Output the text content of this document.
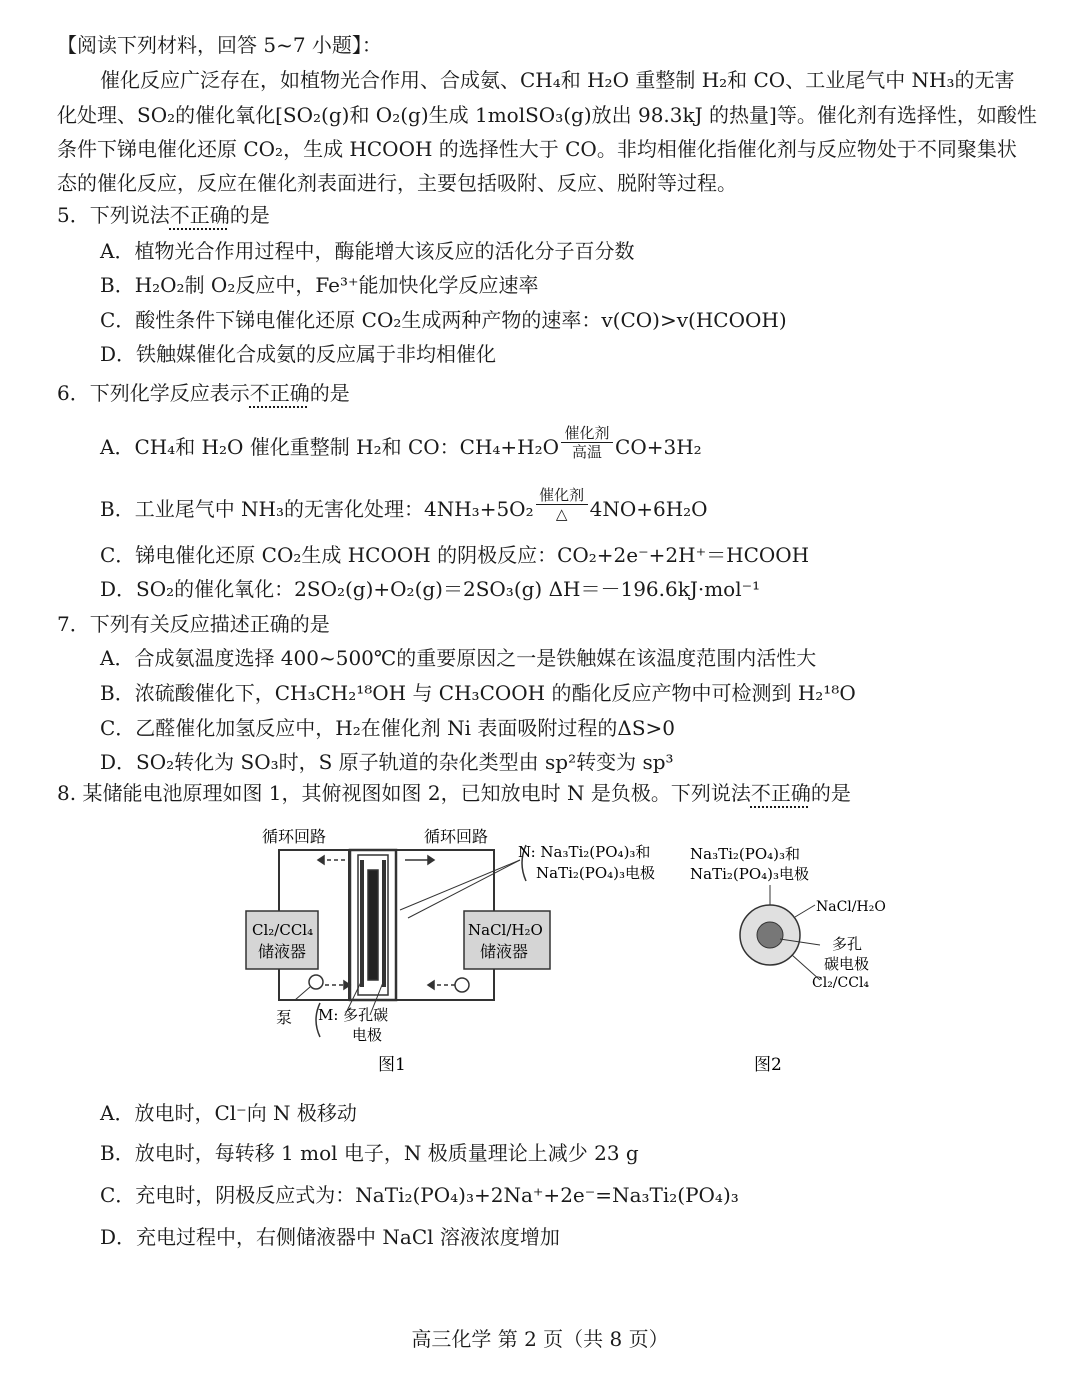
【阅读下列材料，回答 5~7 小题】：
催化反应广泛存在，如植物光合作用、合成氨、CH₄和 H₂O 重整制 H₂和 CO、工业尾气中 NH₃的无害
化处理、SO₂的催化氧化[SO₂(g)和 O₂(g)生成 1molSO₃(g)放出 98.3kJ 的热量]等。催化剂有选择性，如酸性
条件下锑电催化还原 CO₂，生成 HCOOH 的选择性大于 CO。非均相催化指催化剂与反应物处于不同聚集状
态的催化反应，反应在催化剂表面进行，主要包括吸附、反应、脱附等过程。
5．下列说法不正确的是
A．植物光合作用过程中，酶能增大该反应的活化分子百分数
B．H₂O₂制 O₂反应中，Fe³⁺能加快化学反应速率
C．酸性条件下锑电催化还原 CO₂生成两种产物的速率：v(CO)>v(HCOOH)
D．铁触媒催化合成氨的反应属于非均相催化
6．下列化学反应表示不正确的是
A．CH₄和 H₂O 催化重整制 H₂和 CO：CH₄+H₂O
催化剂
高温 CO+3H₂
B．工业尾气中 NH₃的无害化处理：4NH₃+5O₂
催化剂
△	4NO+6H₂O
C．锑电催化还原 CO₂生成 HCOOH 的阴极反应：CO₂+2e⁻+2H⁺＝HCOOH
D．SO₂的催化氧化：2SO₂(g)+O₂(g)＝2SO₃(g) ΔH＝－196.6kJ·mol⁻¹
7．下列有关反应描述正确的是
A．合成氨温度选择 400~500℃的重要原因之一是铁触媒在该温度范围内活性大
B．浓硫酸催化下，CH₃CH₂¹⁸OH 与 CH₃COOH 的酯化反应产物中可检测到 H₂¹⁸O
C．乙醛催化加氢反应中，H₂在催化剂 Ni 表面吸附过程的ΔS>0
D．SO₂转化为 SO₃时，S 原子轨道的杂化类型由 sp²转变为 sp³
8. 某储能电池原理如图 1，其俯视图如图 2，已知放电时 N 是负极。下列说法不正确的是
循环回路	循环回路
Cl₂/CCl₄
储液器
NaCl/H₂O
储液器
N: Na₃Ti₂(PO₄)₃和
NaTi₂(PO₄)₃电极
泵 M: 多孔碳
电极
图1
Na₃Ti₂(PO₄)₃和
NaTi₂(PO₄)₃电极
NaCl/H₂O
多孔
碳电极
Cl₂/CCl₄
图2
A．放电时，Cl⁻向 N 极移动
B．放电时，每转移 1 mol 电子，N 极质量理论上减少 23 g
C．充电时，阴极反应式为：NaTi₂(PO₄)₃+2Na⁺+2e⁻=Na₃Ti₂(PO₄)₃
D．充电过程中，右侧储液器中 NaCl 溶液浓度增加
高三化学 第 2 页（共 8 页）
